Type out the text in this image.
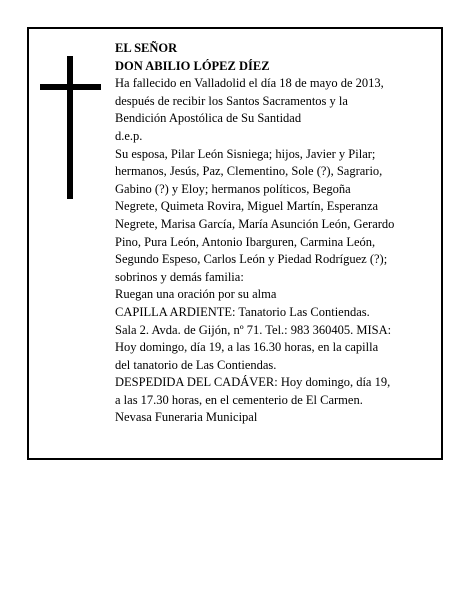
EL SEÑOR
DON ABILIO LÓPEZ DÍEZ
Ha fallecido en Valladolid el día 18 de mayo de 2013,
después de recibir los Santos Sacramentos y la
Bendición Apostólica de Su Santidad
d.e.p.
Su esposa, Pilar León Sisniega; hijos, Javier y Pilar;
hermanos, Jesús, Paz, Clementino, Sole (?), Sagrario,
Gabino (?) y Eloy; hermanos políticos, Begoña
Negrete, Quimeta Rovira, Miguel Martín, Esperanza
Negrete, Marisa García, María Asunción León, Gerardo
Pino, Pura León, Antonio Ibarguren, Carmina León,
Segundo Espeso, Carlos León y Piedad Rodríguez (?);
sobrinos y demás familia:
Ruegan una oración por su alma
CAPILLA ARDIENTE: Tanatorio Las Contiendas.
Sala 2. Avda. de Gijón, nº 71. Tel.: 983 360405. MISA:
Hoy domingo, día 19, a las 16.30 horas, en la capilla
del tanatorio de Las Contiendas.
DESPEDIDA DEL CADÁVER: Hoy domingo, día 19,
a las 17.30 horas, en el cementerio de El Carmen.
Nevasa Funeraria Municipal
